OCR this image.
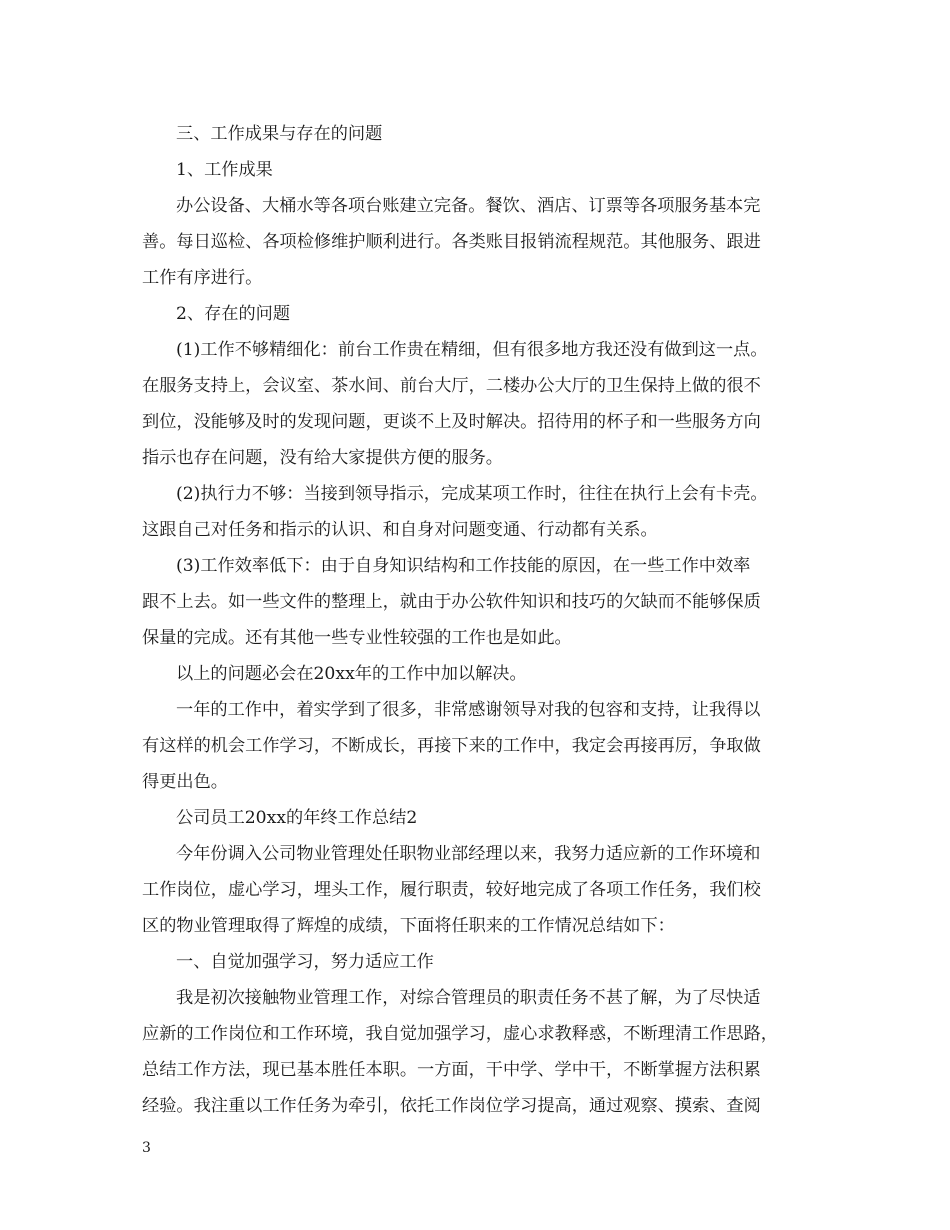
三、工作成果与存在的问题
1、工作成果
办公设备、大桶水等各项台账建立完备。餐饮、酒店、订票等各项服务基本完
善。每日巡检、各项检修维护顺利进行。各类账目报销流程规范。其他服务、跟进
工作有序进行。
2、存在的问题
(1)工作不够精细化：前台工作贵在精细，但有很多地方我还没有做到这一点。
在服务支持上，会议室、茶水间、前台大厅，二楼办公大厅的卫生保持上做的很不
到位，没能够及时的发现问题，更谈不上及时解决。招待用的杯子和一些服务方向
指示也存在问题，没有给大家提供方便的服务。
(2)执行力不够：当接到领导指示，完成某项工作时，往往在执行上会有卡壳。
这跟自己对任务和指示的认识、和自身对问题变通、行动都有关系。
(3)工作效率低下：由于自身知识结构和工作技能的原因，在一些工作中效率
跟不上去。如一些文件的整理上，就由于办公软件知识和技巧的欠缺而不能够保质
保量的完成。还有其他一些专业性较强的工作也是如此。
以上的问题必会在20xx年的工作中加以解决。
一年的工作中，着实学到了很多，非常感谢领导对我的包容和支持，让我得以
有这样的机会工作学习，不断成长，再接下来的工作中，我定会再接再厉，争取做
得更出色。
公司员工20xx的年终工作总结2
今年份调入公司物业管理处任职物业部经理以来，我努力适应新的工作环境和
工作岗位，虚心学习，埋头工作，履行职责，较好地完成了各项工作任务，我们校
区的物业管理取得了辉煌的成绩，下面将任职来的工作情况总结如下：
一、自觉加强学习，努力适应工作
我是初次接触物业管理工作，对综合管理员的职责任务不甚了解，为了尽快适
应新的工作岗位和工作环境，我自觉加强学习，虚心求教释惑，不断理清工作思路，
总结工作方法，现已基本胜任本职。一方面，干中学、学中干，不断掌握方法积累
经验。我注重以工作任务为牵引，依托工作岗位学习提高，通过观察、摸索、查阅
3
